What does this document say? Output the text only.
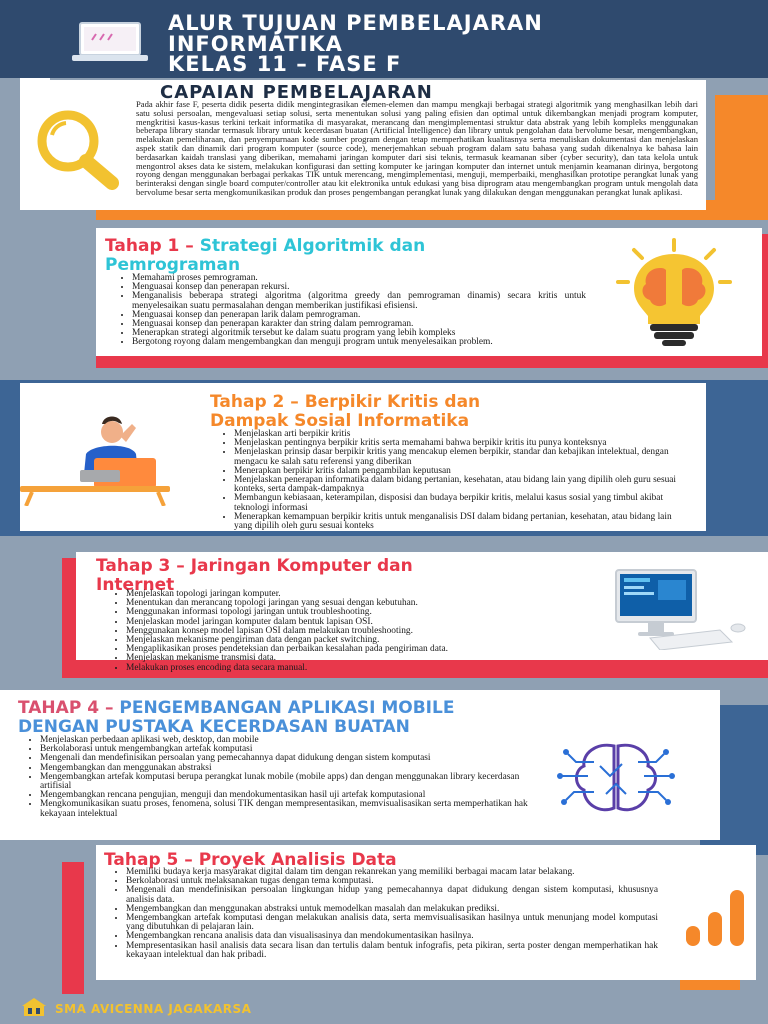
ALUR TUJUAN PEMBELAJARAN
INFORMATIKA
KELAS 11 – FASE F
CAPAIAN PEMBELAJARAN
Pada akhir fase F, peserta didik peserta didik mengintegrasikan elemen-elemen dan mampu mengkaji berbagai strategi algoritmik yang menghasilkan lebih dari satu solusi persoalan, mengevaluasi setiap solusi, serta menentukan solusi yang paling efisien dan optimal untuk dikembangkan menjadi program komputer, mengkritisi kasus-kasus terkini terkait informatika di masyarakat, merancang dan mengimplementasi struktur data abstrak yang lebih kompleks menggunakan beberapa library standar termasuk library untuk kecerdasan buatan (Artificial Intelligence) dan library untuk pengolahan data bervolume besar, mengembangkan, melakukan pemeliharaan, dan penyempurnaan kode sumber program dengan tetap memperhatikan kualitasnya serta menuliskan dokumentasi dan menjelaskan aspek statik dan dinamik dari program komputer (source code), menerjemahkan sebuah program dalam satu bahasa yang sudah dikenalnya ke bahasa lain berdasarkan kaidah translasi yang diberikan, memahami jaringan komputer dari sisi teknis, termasuk keamanan siber (cyber security), dan tata kelola untuk mengontrol akses data ke sistem, melakukan konfigurasi dan setting komputer ke jaringan komputer dan internet untuk menjamin keamanan dirinya, bergotong royong dengan menggunakan berbagai perkakas TIK untuk merencang, mengimplementasi, menguji, memperbaiki, menghasilkan prototipe perangkat lunak yang berinteraksi dengan single board computer/controller atau kit elektronika untuk edukasi yang bisa diprogram atau mengembangkan program untuk mengolah data bervolume besar serta mengkomunikasikan produk dan proses pengembangan perangkat lunak yang dilakukan dengan menggunakan perangkat lunak aplikasi.
Tahap 1 – Strategi Algoritmik dan
Pemrograman
• Memahami proses pemrograman.
• Menguasai konsep dan penerapan rekursi.
• Menganalisis beberapa strategi algoritma (algoritma greedy dan pemrograman dinamis) secara kritis untuk menyelesaikan suatu permasalahan dengan memberikan justifikasi efisiensi.
• Menguasai konsep dan penerapan larik dalam pemrograman.
• Menguasai konsep dan penerapan karakter dan string dalam pemrograman.
• Menerapkan strategi algoritmik tersebut ke dalam suatu program yang lebih kompleks
• Bergotong royong dalam mengembangkan dan menguji program untuk menyelesaikan problem.
Tahap 2 – Berpikir Kritis dan
Dampak Sosial Informatika
• Menjelaskan arti berpikir kritis
• Menjelaskan pentingnya berpikir kritis serta memahami bahwa berpikir kritis itu punya konteksnya
• Menjelaskan prinsip dasar berpikir kritis yang mencakup elemen berpikir, standar dan kebajikan intelektual, dengan mengacu ke salah satu referensi yang diberikan
• Menerapkan berpikir kritis dalam pengambilan keputusan
• Menjelaskan penerapan informatika dalam bidang pertanian, kesehatan, atau bidang lain yang dipilih oleh guru sesuai konteks, serta dampak-dampaknya
• Membangun kebiasaan, keterampilan, disposisi dan budaya berpikir kritis, melalui kasus sosial yang timbul akibat teknologi informasi
• Menerapkan kemampuan berpikir kritis untuk menganalisis DSI dalam bidang pertanian, kesehatan, atau bidang lain yang dipilih oleh guru sesuai konteks
Tahap 3 – Jaringan Komputer dan
Internet
• Menjelaskan topologi jaringan komputer.
• Menentukan dan merancang topologi jaringan yang sesuai dengan kebutuhan.
• Menggunakan informasi topologi jaringan untuk troubleshooting.
• Menjelaskan model jaringan komputer dalam bentuk lapisan OSI.
• Menggunakan konsep model lapisan OSI dalam melakukan troubleshooting.
• Menjelaskan mekanisme pengiriman data dengan packet switching.
• Mengaplikasikan proses pendeteksian dan perbaikan kesalahan pada pengiriman data.
• Menjelaskan mekanisme transmisi data.
• Melakukan proses encoding data secara manual.
TAHAP 4 – PENGEMBANGAN APLIKASI MOBILE
DENGAN PUSTAKA KECERDASAN BUATAN
• Menjelaskan perbedaan aplikasi web, desktop, dan mobile
• Berkolaborasi untuk mengembangkan artefak komputasi
• Mengenali dan mendefinisikan persoalan yang pemecahannya dapat didukung dengan sistem komputasi
• Mengembangkan dan menggunakan abstraksi
• Mengembangkan artefak komputasi berupa perangkat lunak mobile (mobile apps) dan dengan menggunakan library kecerdasan artifisial
• Mengembangkan rencana pengujian, menguji dan mendokumentasikan hasil uji artefak komputasional
• Mengkomunikasikan suatu proses, fenomena, solusi TIK dengan mempresentasikan, memvisualisasikan serta memperhatikan hak kekayaan intelektual
Tahap 5 – Proyek Analisis Data
• Memiliki budaya kerja masyarakat digital dalam tim dengan rekanrekan yang memiliki berbagai macam latar belakang.
• Berkolaborasi untuk melaksanakan tugas dengan tema komputasi.
• Mengenali dan mendefinisikan persoalan lingkungan hidup yang pemecahannya dapat didukung dengan sistem komputasi, khususnya analisis data.
• Mengembangkan dan menggunakan abstraksi untuk memodelkan masalah dan melakukan prediksi.
• Mengembangkan artefak komputasi dengan melakukan analisis data, serta memvisualisasikan hasilnya untuk menunjang model komputasi yang dibutuhkan di pelajaran lain.
• Mengembangkan rencana analisis data dan visualisasinya dan mendokumentasikan hasilnya.
• Mempresentasikan hasil analisis data secara lisan dan tertulis dalam bentuk infografis, peta pikiran, serta poster dengan memperhatikan hak kekayaan intelektual dan hak pribadi.
SMA AVICENNA JAGAKARSA
